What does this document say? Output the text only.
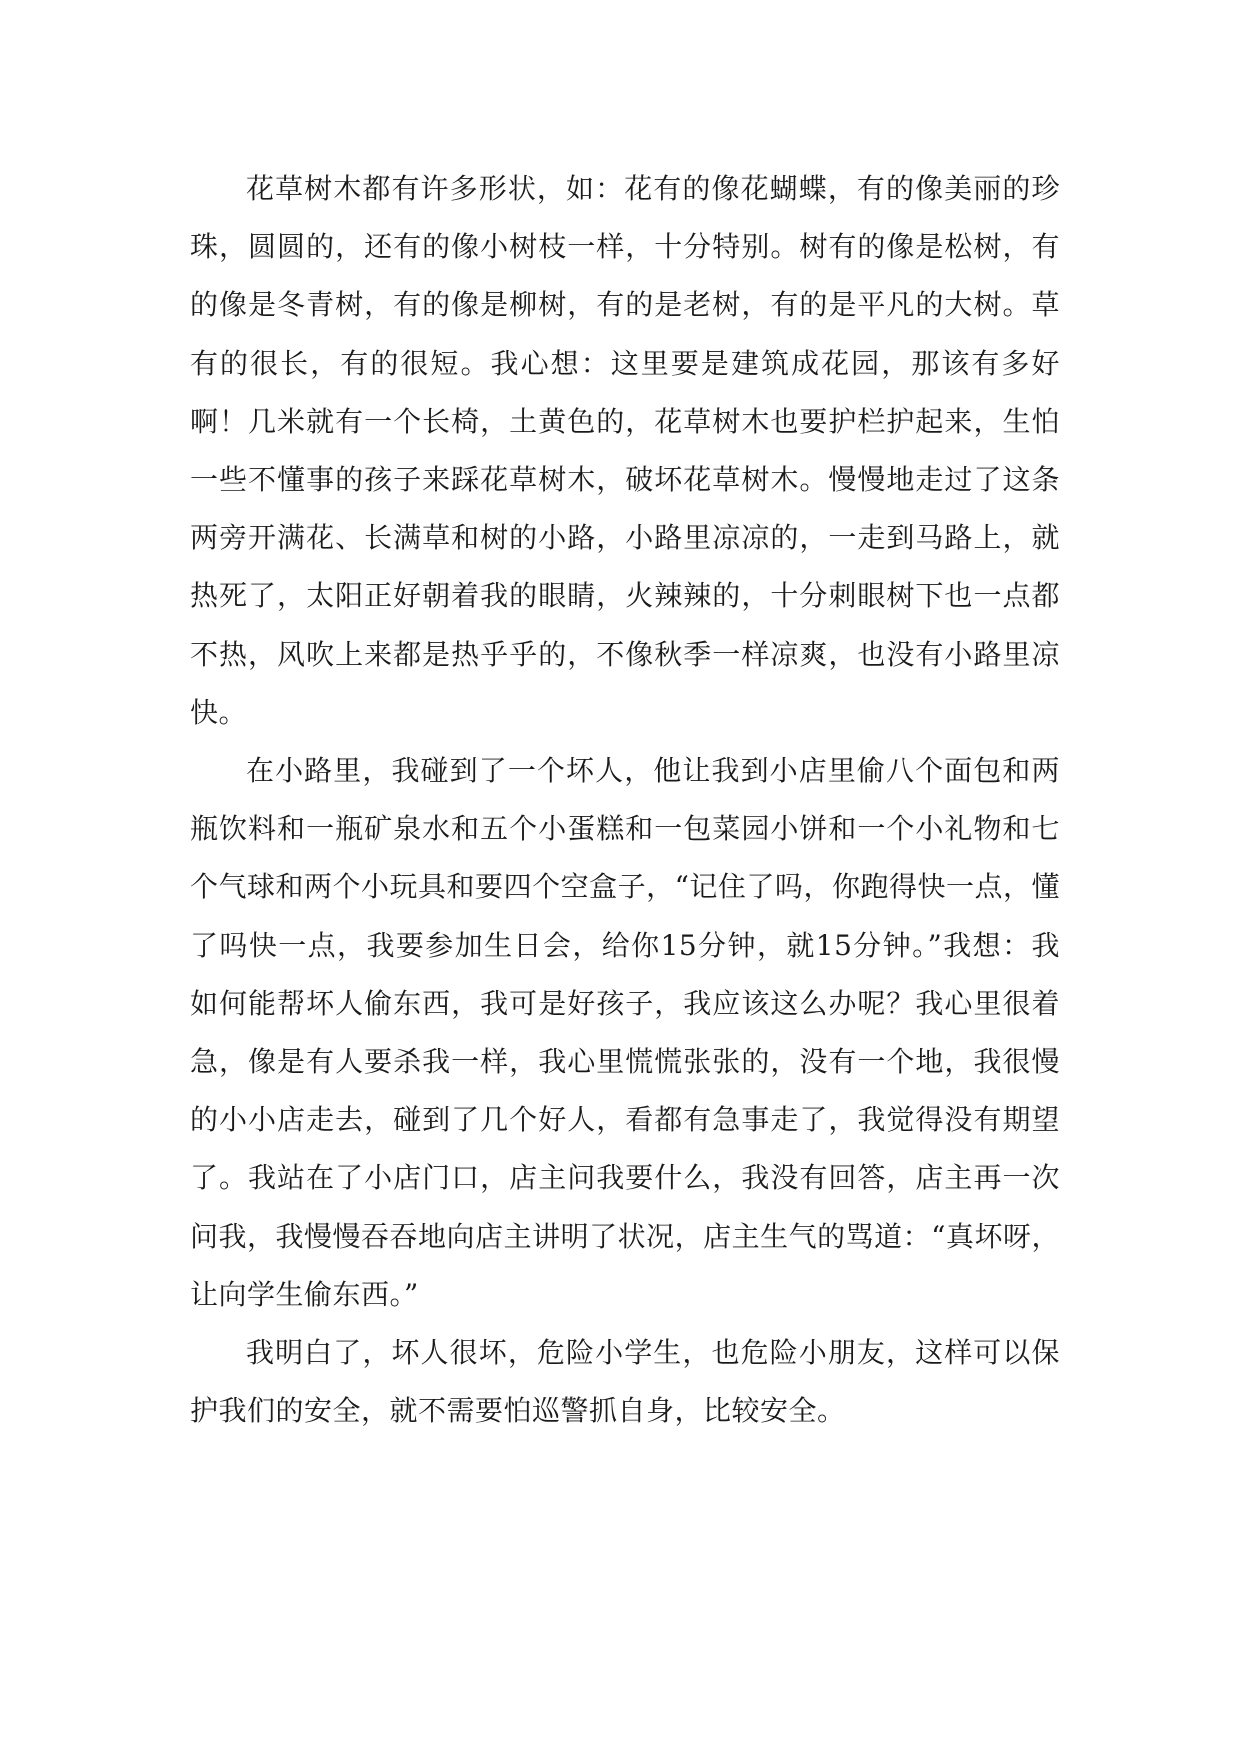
花草树木都有许多形状，如：花有的像花蝴蝶，有的像美丽的珍珠，圆圆的，还有的像小树枝一样，十分特别。树有的像是松树，有的像是冬青树，有的像是柳树，有的是老树，有的是平凡的大树。草有的很长，有的很短。我心想：这里要是建筑成花园，那该有多好啊！几米就有一个长椅，土黄色的，花草树木也要护栏护起来，生怕一些不懂事的孩子来踩花草树木，破坏花草树木。慢慢地走过了这条两旁开满花、长满草和树的小路，小路里凉凉的，一走到马路上，就热死了，太阳正好朝着我的眼睛，火辣辣的，十分刺眼树下也一点都不热，风吹上来都是热乎乎的，不像秋季一样凉爽，也没有小路里凉快。

在小路里，我碰到了一个坏人，他让我到小店里偷八个面包和两瓶饮料和一瓶矿泉水和五个小蛋糕和一包菜园小饼和一个小礼物和七个气球和两个小玩具和要四个空盒子，“记住了吗，你跑得快一点，懂了吗快一点，我要参加生日会，给你15分钟，就15分钟。”我想：我如何能帮坏人偷东西，我可是好孩子，我应该这么办呢？我心里很着急，像是有人要杀我一样，我心里慌慌张张的，没有一个地，我很慢的小小店走去，碰到了几个好人，看都有急事走了，我觉得没有期望了。我站在了小店门口，店主问我要什么，我没有回答，店主再一次问我，我慢慢吞吞地向店主讲明了状况，店主生气的骂道：“真坏呀，让向学生偷东西。”

我明白了，坏人很坏，危险小学生，也危险小朋友，这样可以保护我们的安全，就不需要怕巡警抓自身，比较安全。
